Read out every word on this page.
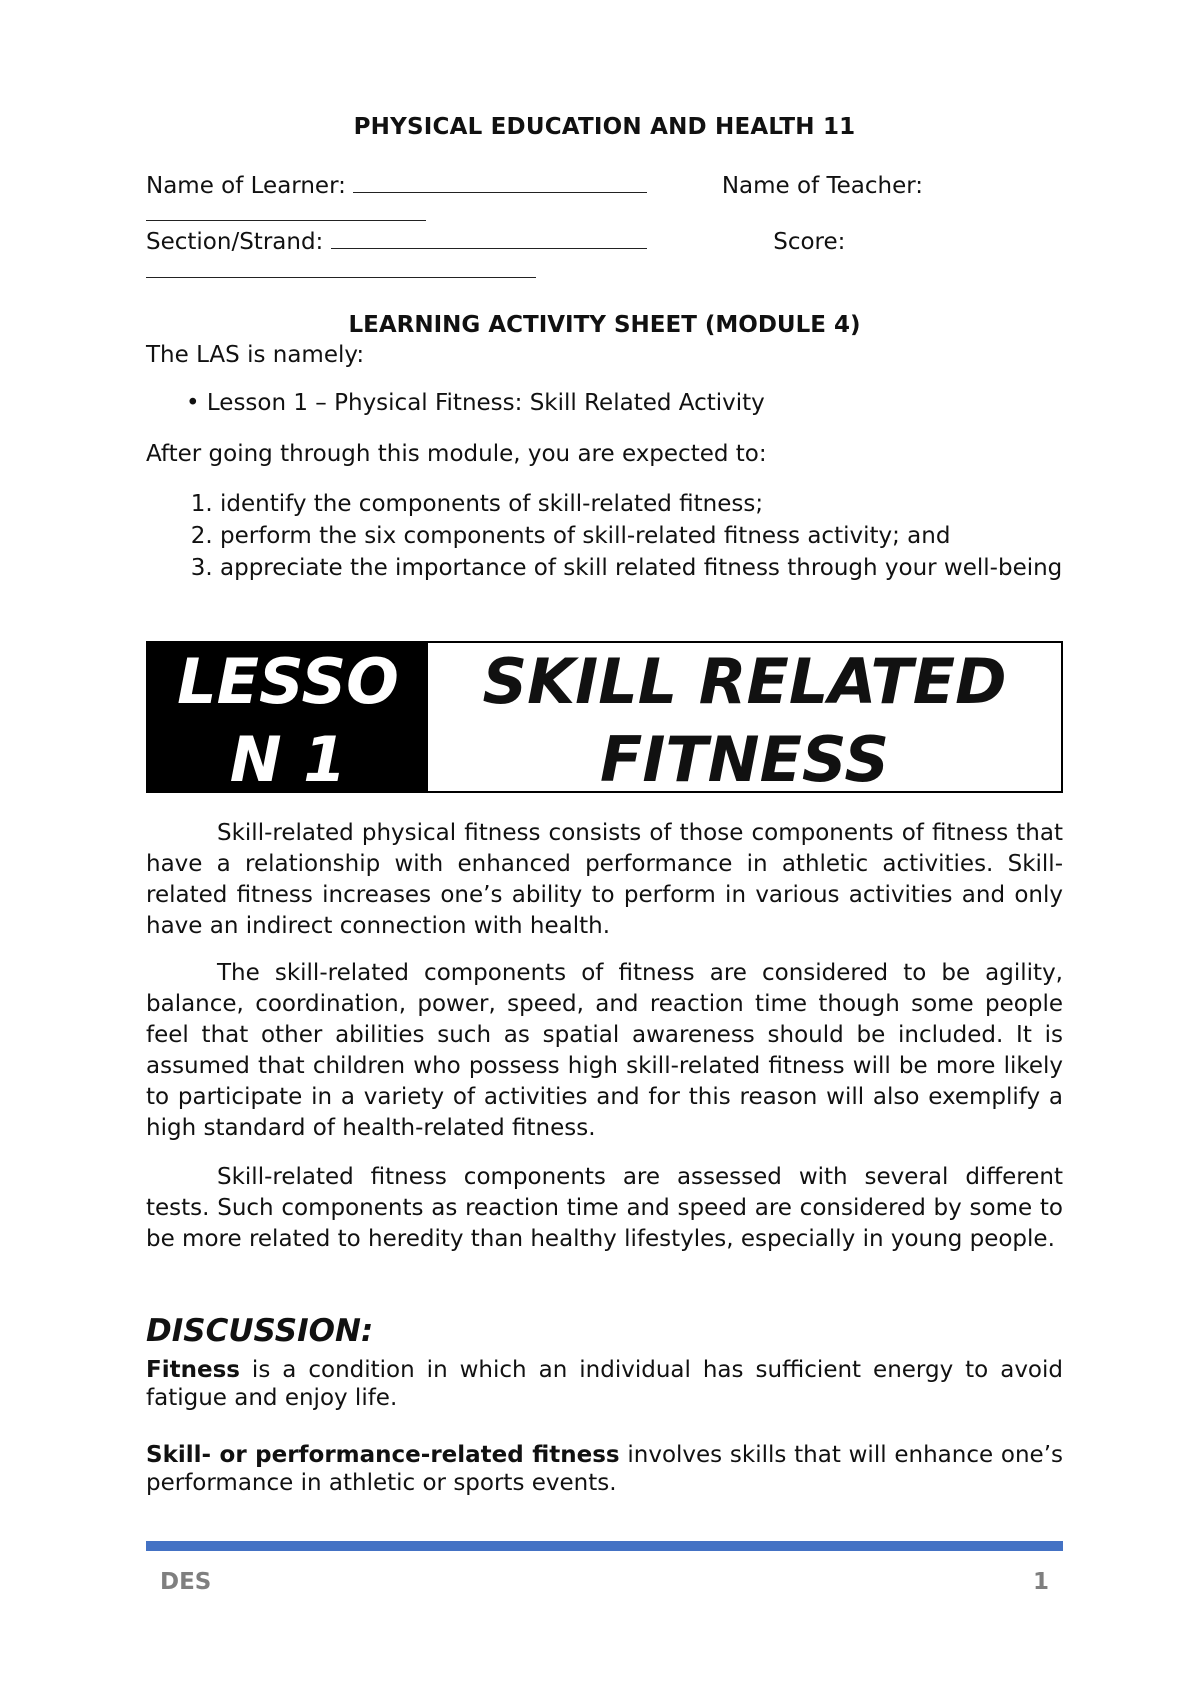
PHYSICAL EDUCATION AND HEALTH 11
Name of Learner:	Name of Teacher:
Section/Strand:	Score:
LEARNING ACTIVITY SHEET (MODULE 4)
The LAS is namely:
• Lesson 1 – Physical Fitness: Skill Related Activity
After going through this module, you are expected to:
1. identify the components of skill-related fitness;
2. perform the six components of skill-related fitness activity; and
3. appreciate the importance of skill related fitness through your well-being
LESSO
N 1
SKILL RELATED
FITNESS

Skill-related physical fitness consists of those components of fitness that have a relationship with enhanced performance in athletic activities. Skill-related fitness increases one’s ability to perform in various activities and only have an indirect connection with health.

The skill-related components of fitness are considered to be agility, balance, coordination, power, speed, and reaction time though some people feel that other abilities such as spatial awareness should be included. It is assumed that children who possess high skill-related fitness will be more likely to participate in a variety of activities and for this reason will also exemplify a high standard of health-related fitness.

Skill-related fitness components are assessed with several different tests. Such components as reaction time and speed are considered by some to be more related to heredity than healthy lifestyles, especially in young people.

DISCUSSION:

Fitness is a condition in which an individual has sufficient energy to avoid fatigue and enjoy life.

Skill- or performance-related fitness involves skills that will enhance one’s performance in athletic or sports events.

DES	1
